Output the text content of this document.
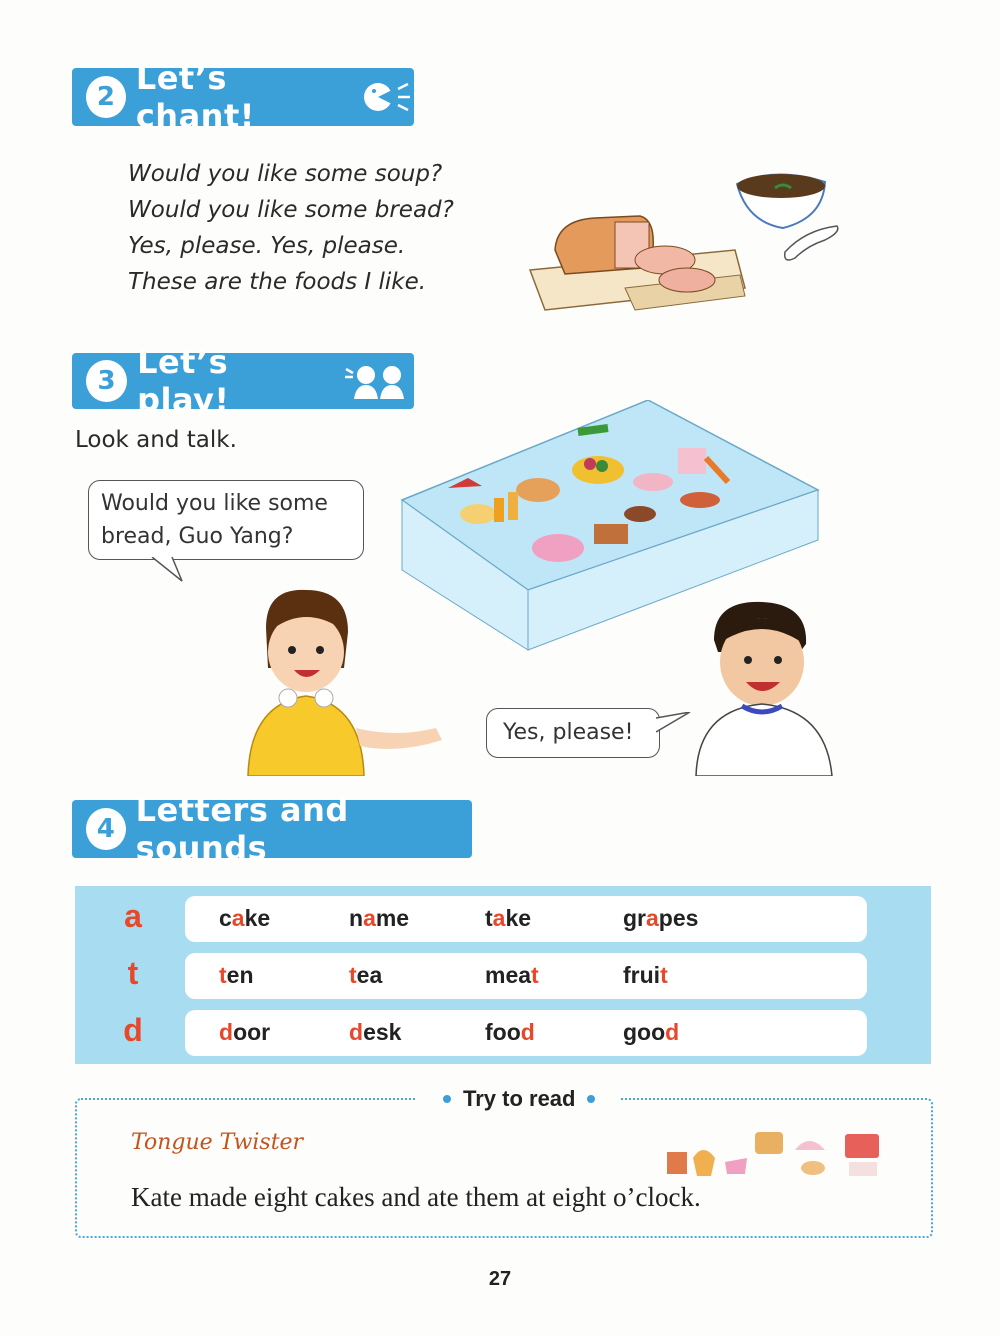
2 Let’s chant!
Would you like some soup?
Would you like some bread?
Yes, please. Yes, please.
These are the foods I like.
3 Let’s play!
Look and talk.
Would you like some
bread, Guo Yang?
Yes, please!
4 Letters and sounds
a	cake	name	take	grapes
t	ten	tea	meat	fruit
d	door	desk	food	good
Try to read
Tongue Twister
Kate made eight cakes and ate them at eight o’clock.
27
